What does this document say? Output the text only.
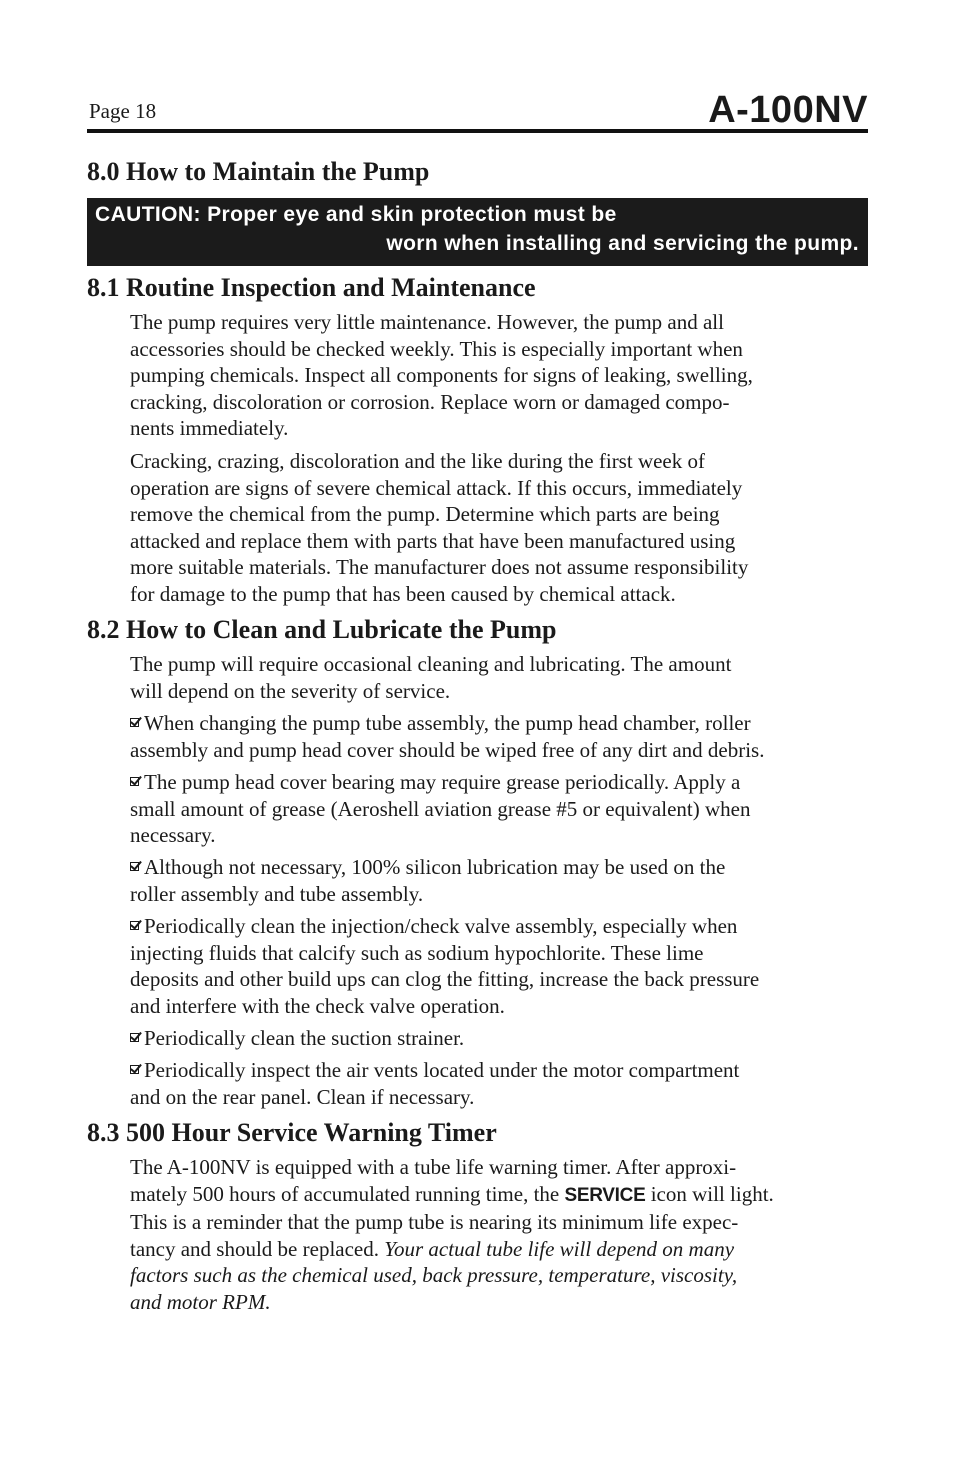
Page 18	A-100NV
8.0 How to Maintain the Pump
CAUTION: Proper eye and skin protection must be
worn when installing and servicing the pump.
8.1 Routine Inspection and Maintenance
The pump requires very little maintenance. However, the pump and all
accessories should be checked weekly. This is especially important when
pumping chemicals. Inspect all components for signs of leaking, swelling,
cracking, discoloration or corrosion. Replace worn or damaged compo-
nents immediately.
Cracking, crazing, discoloration and the like during the first week of
operation are signs of severe chemical attack. If this occurs, immediately
remove the chemical from the pump. Determine which parts are being
attacked and replace them with parts that have been manufactured using
more suitable materials. The manufacturer does not assume responsibility
for damage to the pump that has been caused by chemical attack.
8.2 How to Clean and Lubricate the Pump
The pump will require occasional cleaning and lubricating. The amount
will depend on the severity of service.
When changing the pump tube assembly, the pump head chamber, roller
assembly and pump head cover should be wiped free of any dirt and debris.
The pump head cover bearing may require grease periodically. Apply a
small amount of grease (Aeroshell aviation grease #5 or equivalent) when
necessary.
Although not necessary, 100% silicon lubrication may be used on the
roller assembly and tube assembly.
Periodically clean the injection/check valve assembly, especially when
injecting fluids that calcify such as sodium hypochlorite. These lime
deposits and other build ups can clog the fitting, increase the back pressure
and interfere with the check valve operation.
Periodically clean the suction strainer.
Periodically inspect the air vents located under the motor compartment
and on the rear panel. Clean if necessary.
8.3 500 Hour Service Warning Timer
The A-100NV is equipped with a tube life warning timer. After approxi-
mately 500 hours of accumulated running time, the SERVICE icon will light.
This is a reminder that the pump tube is nearing its minimum life expec-
tancy and should be replaced. Your actual tube life will depend on many
factors such as the chemical used, back pressure, temperature, viscosity,
and motor RPM.
